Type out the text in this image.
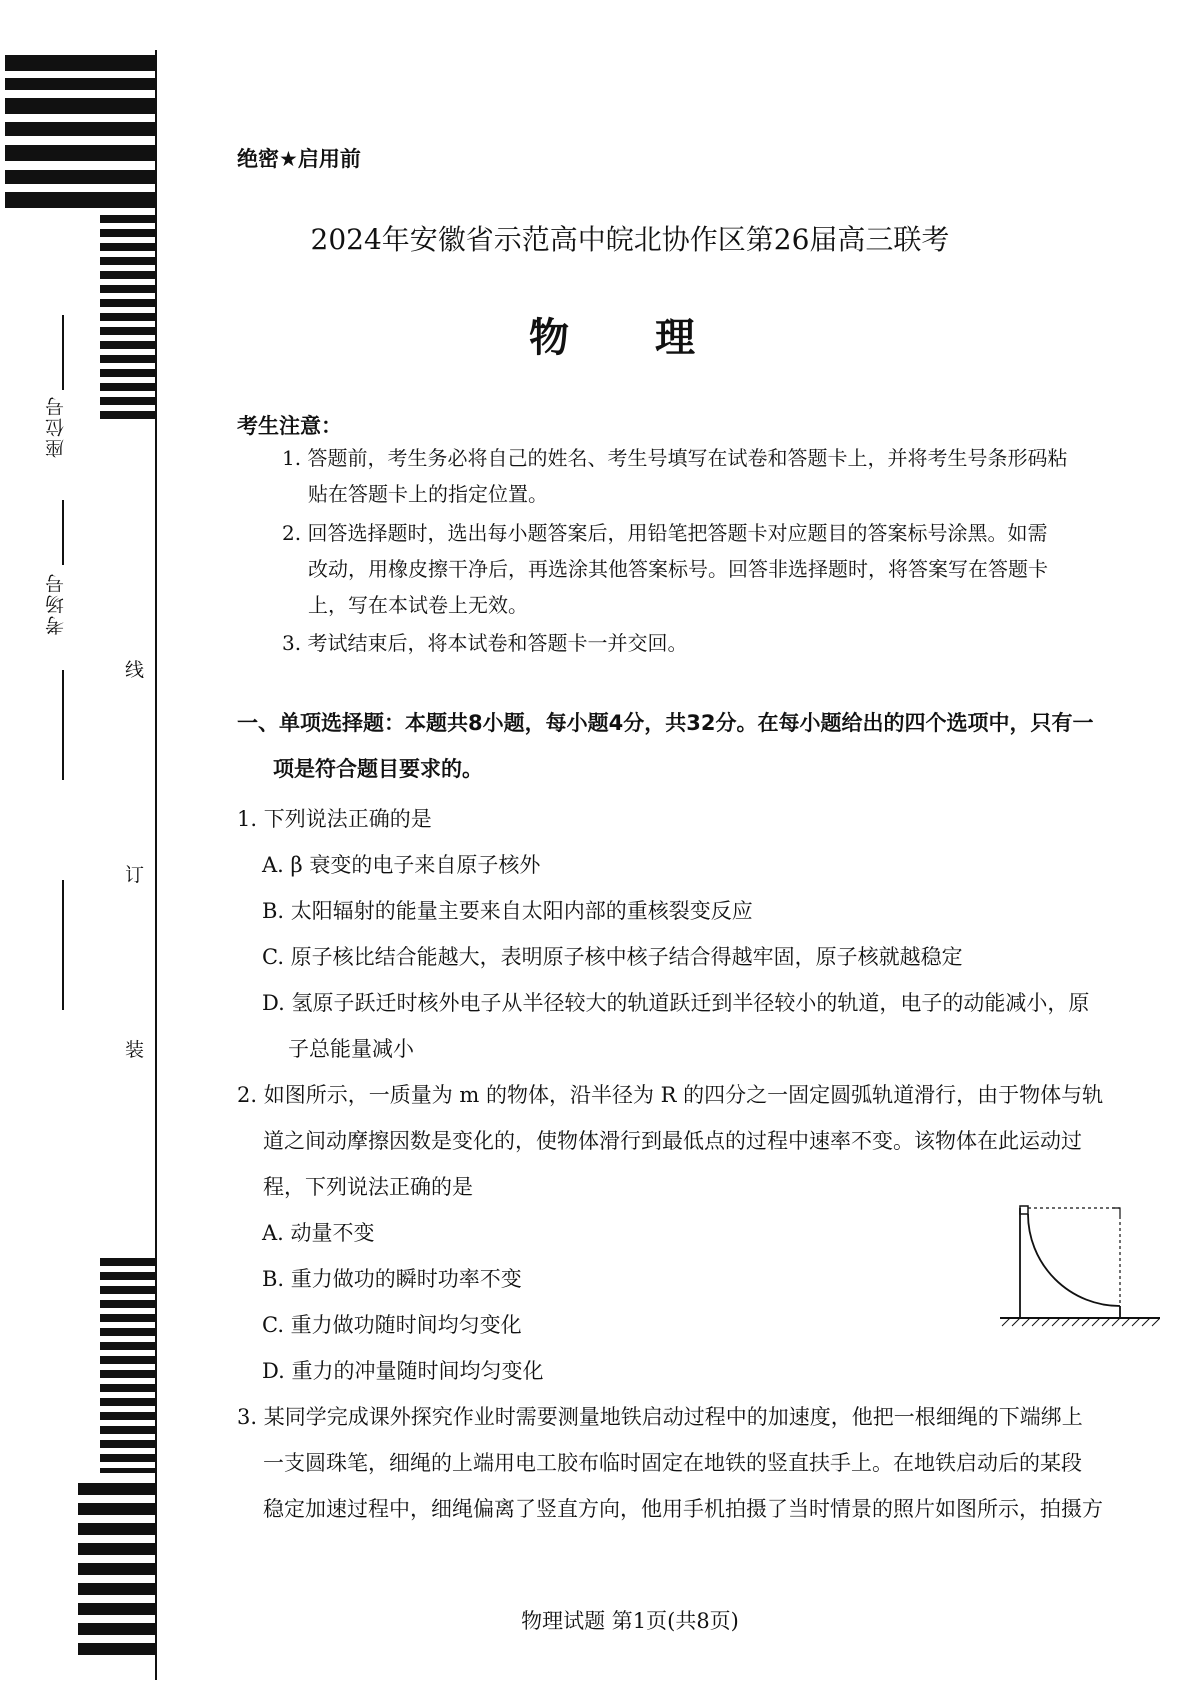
座位号
考场号
线
订
装
绝密★启用前
2024年安徽省示范高中皖北协作区第26届高三联考
物 理
考生注意：
1. 答题前，考生务必将自己的姓名、考生号填写在试卷和答题卡上，并将考生号条形码粘
贴在答题卡上的指定位置。
2. 回答选择题时，选出每小题答案后，用铅笔把答题卡对应题目的答案标号涂黑。如需
改动，用橡皮擦干净后，再选涂其他答案标号。回答非选择题时，将答案写在答题卡
上，写在本试卷上无效。
3. 考试结束后，将本试卷和答题卡一并交回。
一、单项选择题：本题共8小题，每小题4分，共32分。在每小题给出的四个选项中，只有一
项是符合题目要求的。
1. 下列说法正确的是
A. β 衰变的电子来自原子核外
B. 太阳辐射的能量主要来自太阳内部的重核裂变反应
C. 原子核比结合能越大，表明原子核中核子结合得越牢固，原子核就越稳定
D. 氢原子跃迁时核外电子从半径较大的轨道跃迁到半径较小的轨道，电子的动能减小，原
子总能量减小
2. 如图所示，一质量为 m 的物体，沿半径为 R 的四分之一固定圆弧轨道滑行，由于物体与轨
道之间动摩擦因数是变化的，使物体滑行到最低点的过程中速率不变。该物体在此运动过
程，下列说法正确的是
A. 动量不变
B. 重力做功的瞬时功率不变
C. 重力做功随时间均匀变化
D. 重力的冲量随时间均匀变化
3. 某同学完成课外探究作业时需要测量地铁启动过程中的加速度，他把一根细绳的下端绑上
一支圆珠笔，细绳的上端用电工胶布临时固定在地铁的竖直扶手上。在地铁启动后的某段
稳定加速过程中，细绳偏离了竖直方向，他用手机拍摄了当时情景的照片如图所示，拍摄方
物理试题 第1页(共8页)
